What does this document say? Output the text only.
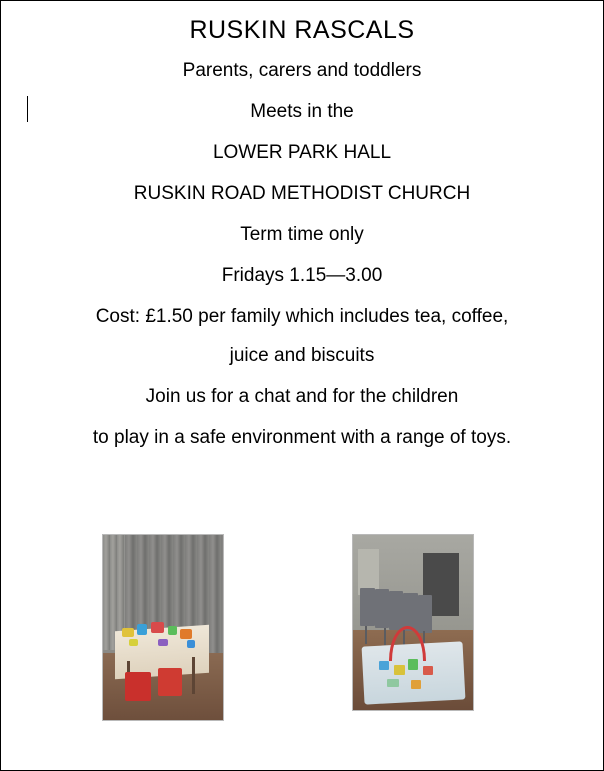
RUSKIN RASCALS
Parents, carers and toddlers
Meets in the
LOWER PARK HALL
RUSKIN ROAD METHODIST CHURCH
Term time only
Fridays 1.15—3.00
Cost: £1.50 per family which includes tea, coffee,
juice and biscuits
Join us for a chat and for the children
to play in a safe environment with a range of toys.
